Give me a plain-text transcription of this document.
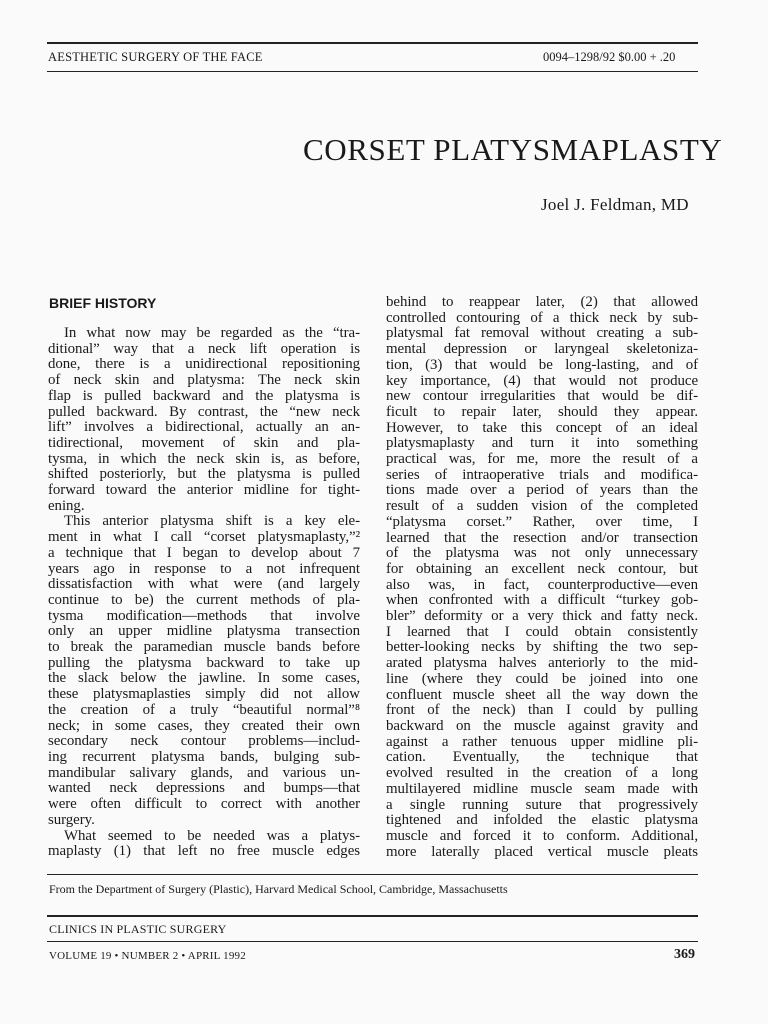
AESTHETIC SURGERY OF THE FACE	0094–1298/92 $0.00 + .20
CORSET PLATYSMAPLASTY
Joel J. Feldman, MD
BRIEF HISTORY
In what now may be regarded as the “tra-
ditional” way that a neck lift operation is
done, there is a unidirectional repositioning
of neck skin and platysma: The neck skin
flap is pulled backward and the platysma is
pulled backward. By contrast, the “new neck
lift” involves a bidirectional, actually an an-
tidirectional, movement of skin and pla-
tysma, in which the neck skin is, as before,
shifted posteriorly, but the platysma is pulled
forward toward the anterior midline for tight-
ening.
This anterior platysma shift is a key ele-
ment in what I call “corset platysmaplasty,”²
a technique that I began to develop about 7
years ago in response to a not infrequent
dissatisfaction with what were (and largely
continue to be) the current methods of pla-
tysma modification—methods that involve
only an upper midline platysma transection
to break the paramedian muscle bands before
pulling the platysma backward to take up
the slack below the jawline. In some cases,
these platysmaplasties simply did not allow
the creation of a truly “beautiful normal”⁸
neck; in some cases, they created their own
secondary neck contour problems—includ-
ing recurrent platysma bands, bulging sub-
mandibular salivary glands, and various un-
wanted neck depressions and bumps—that
were often difficult to correct with another
surgery.
What seemed to be needed was a platys-
maplasty (1) that left no free muscle edges
behind to reappear later, (2) that allowed
controlled contouring of a thick neck by sub-
platysmal fat removal without creating a sub-
mental depression or laryngeal skeletoniza-
tion, (3) that would be long-lasting, and of
key importance, (4) that would not produce
new contour irregularities that would be dif-
ficult to repair later, should they appear.
However, to take this concept of an ideal
platysmaplasty and turn it into something
practical was, for me, more the result of a
series of intraoperative trials and modifica-
tions made over a period of years than the
result of a sudden vision of the completed
“platysma corset.” Rather, over time, I
learned that the resection and/or transection
of the platysma was not only unnecessary
for obtaining an excellent neck contour, but
also was, in fact, counterproductive—even
when confronted with a difficult “turkey gob-
bler” deformity or a very thick and fatty neck.
I learned that I could obtain consistently
better-looking necks by shifting the two sep-
arated platysma halves anteriorly to the mid-
line (where they could be joined into one
confluent muscle sheet all the way down the
front of the neck) than I could by pulling
backward on the muscle against gravity and
against a rather tenuous upper midline pli-
cation. Eventually, the technique that
evolved resulted in the creation of a long
multilayered midline muscle seam made with
a single running suture that progressively
tightened and infolded the elastic platysma
muscle and forced it to conform. Additional,
more laterally placed vertical muscle pleats
From the Department of Surgery (Plastic), Harvard Medical School, Cambridge, Massachusetts
CLINICS IN PLASTIC SURGERY
VOLUME 19 • NUMBER 2 • APRIL 1992	369
